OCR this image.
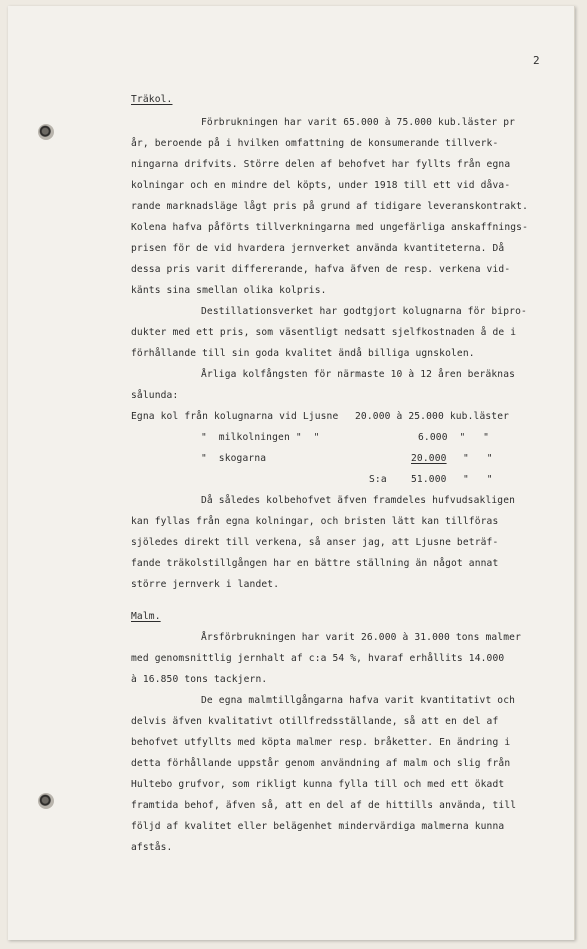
2
Träkol.
Förbrukningen har varit 65.000 à 75.000 kub.läster pr
år, beroende på i hvilken omfattning de konsumerande tillverk-
ningarna drifvits. Större delen af behofvet har fyllts från egna
kolningar och en mindre del köpts, under 1918 till ett vid dåva-
rande marknadsläge lågt pris på grund af tidigare leveranskontrakt.
Kolena hafva påförts tillverkningarna med ungefärliga anskaffnings-
prisen för de vid hvardera jernverket använda kvantiteterna. Då
dessa pris varit differerande, hafva äfven de resp. verkena vid-
känts sina smellan olika kolpris.
Destillationsverket har godtgjort kolugnarna för bipro-
dukter med ett pris, som väsentligt nedsatt sjelfkostnaden å de i
förhållande till sin goda kvalitet ändå billiga ugnskolen.
Årliga kolfångsten för närmaste 10 à 12 åren beräknas
sålunda:
Egna kol från kolugnarna vid Ljusne 20.000 à 25.000 kub.läster
"  milkolningen "  "	6.000  "   "
"  skogarna	20.000 "   "
S:a	51.000 "   "
Då således kolbehofvet äfven framdeles hufvudsakligen
kan fyllas från egna kolningar, och bristen lätt kan tillföras
sjöledes direkt till verkena, så anser jag, att Ljusne beträf-
fande träkolstillgången har en bättre ställning än något annat
större jernverk i landet.
Malm.
Årsförbrukningen har varit 26.000 à 31.000 tons malmer
med genomsnittlig jernhalt af c:a 54 %, hvaraf erhållits 14.000
à 16.850 tons tackjern.
De egna malmtillgångarna hafva varit kvantitativt och
delvis äfven kvalitativt otillfredsställande, så att en del af
behofvet utfyllts med köpta malmer resp. bråketter. En ändring i
detta förhållande uppstår genom användning af malm och slig från
Hultebo grufvor, som rikligt kunna fylla till och med ett ökadt
framtida behof, äfven så, att en del af de hittills använda, till
följd af kvalitet eller belägenhet mindervärdiga malmerna kunna
afstås.
